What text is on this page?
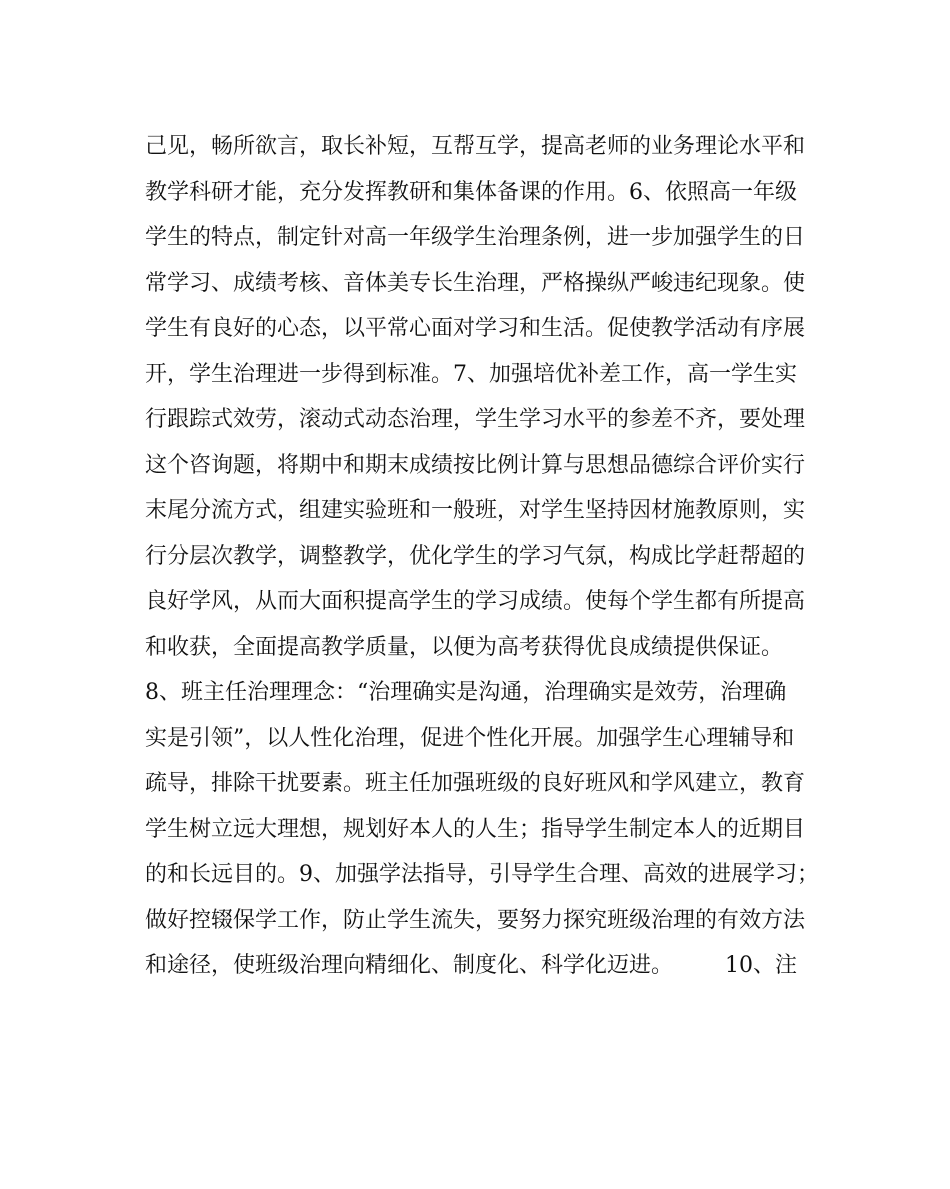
己见，畅所欲言，取长补短，互帮互学，提高老师的业务理论水平和
教学科研才能，充分发挥教研和集体备课的作用。6、依照高一年级
学生的特点，制定针对高一年级学生治理条例，进一步加强学生的日
常学习、成绩考核、音体美专长生治理，严格操纵严峻违纪现象。使
学生有良好的心态，以平常心面对学习和生活。促使教学活动有序展
开，学生治理进一步得到标准。7、加强培优补差工作，高一学生实
行跟踪式效劳，滚动式动态治理，学生学习水平的参差不齐，要处理
这个咨询题，将期中和期末成绩按比例计算与思想品德综合评价实行
末尾分流方式，组建实验班和一般班，对学生坚持因材施教原则，实
行分层次教学，调整教学，优化学生的学习气氛，构成比学赶帮超的
良好学风，从而大面积提高学生的学习成绩。使每个学生都有所提高
和收获，全面提高教学质量，以便为高考获得优良成绩提供保证。
8、班主任治理理念：“治理确实是沟通，治理确实是效劳，治理确
实是引领”，以人性化治理，促进个性化开展。加强学生心理辅导和
疏导，排除干扰要素。班主任加强班级的良好班风和学风建立，教育
学生树立远大理想，规划好本人的人生；指导学生制定本人的近期目
的和长远目的。9、加强学法指导，引导学生合理、高效的进展学习；
做好控辍保学工作，防止学生流失，要努力探究班级治理的有效方法
和途径，使班级治理向精细化、制度化、科学化迈进。 10、注
